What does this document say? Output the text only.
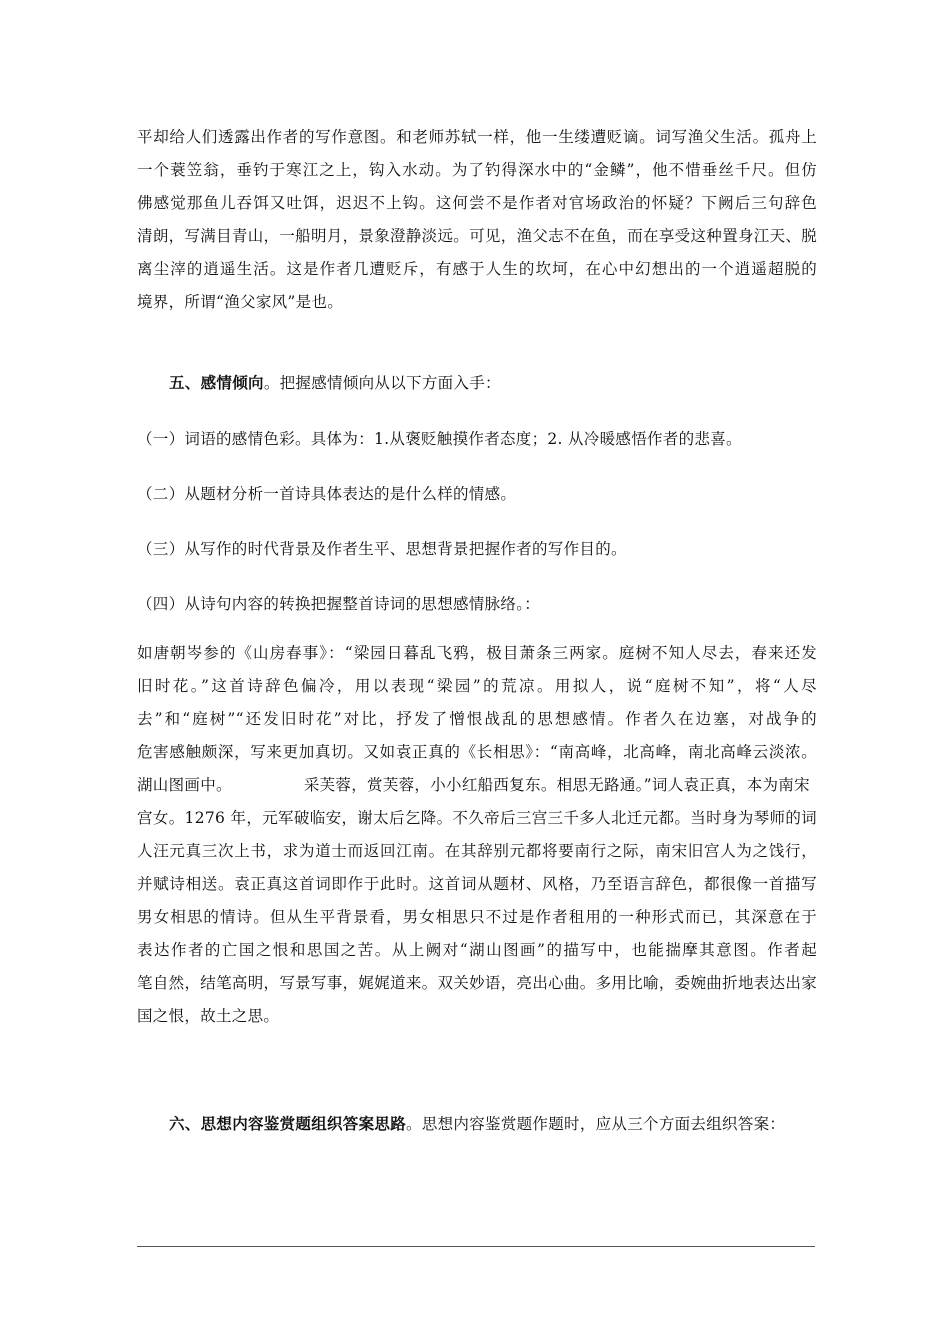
平却给人们透露出作者的写作意图。和老师苏轼一样，他一生缕遭贬谪。词写渔父生活。孤舟上
一个蓑笠翁，垂钓于寒江之上，钩入水动。为了钓得深水中的“金鳞”，他不惜垂丝千尺。但仿
佛感觉那鱼儿吞饵又吐饵，迟迟不上钩。这何尝不是作者对官场政治的怀疑？下阙后三句辞色
清朗，写满目青山，一船明月，景象澄静淡远。可见，渔父志不在鱼，而在享受这种置身江天、脱
离尘滓的逍遥生活。这是作者几遭贬斥，有感于人生的坎坷，在心中幻想出的一个逍遥超脱的
境界，所谓“渔父家风”是也。

五、感情倾向。把握感情倾向从以下方面入手：

（一）词语的感情色彩。具体为：1.从褒贬触摸作者态度；2. 从冷暖感悟作者的悲喜。

（二）从题材分析一首诗具体表达的是什么样的情感。

（三）从写作的时代背景及作者生平、思想背景把握作者的写作目的。

（四）从诗句内容的转换把握整首诗词的思想感情脉络。：

如唐朝岑参的《山房春事》：“梁园日暮乱飞鸦，极目萧条三两家。庭树不知人尽去，春来还发
旧时花。”这首诗辞色偏冷，用以表现“梁园”的荒凉。用拟人，说“庭树不知”，将“人尽
去”和“庭树”“还发旧时花”对比，抒发了憎恨战乱的思想感情。作者久在边塞，对战争的
危害感触颇深，写来更加真切。又如袁正真的《长相思》：“南高峰，北高峰，南北高峰云淡浓。
湖山图画中。	采芙蓉，赏芙蓉，小小红船西复东。相思无路通。”词人袁正真，本为南宋
宫女。1276 年，元军破临安，谢太后乞降。不久帝后三宫三千多人北迁元都。当时身为琴师的词
人汪元真三次上书，求为道士而返回江南。在其辞别元都将要南行之际，南宋旧宫人为之饯行，
并赋诗相送。袁正真这首词即作于此时。这首词从题材、风格，乃至语言辞色，都很像一首描写
男女相思的情诗。但从生平背景看，男女相思只不过是作者租用的一种形式而已，其深意在于
表达作者的亡国之恨和思国之苦。从上阙对“湖山图画”的描写中，也能揣摩其意图。作者起
笔自然，结笔高明，写景写事，娓娓道来。双关妙语，亮出心曲。多用比喻，委婉曲折地表达出家
国之恨，故土之思。

六、思想内容鉴赏题组织答案思路。思想内容鉴赏题作题时，应从三个方面去组织答案：
